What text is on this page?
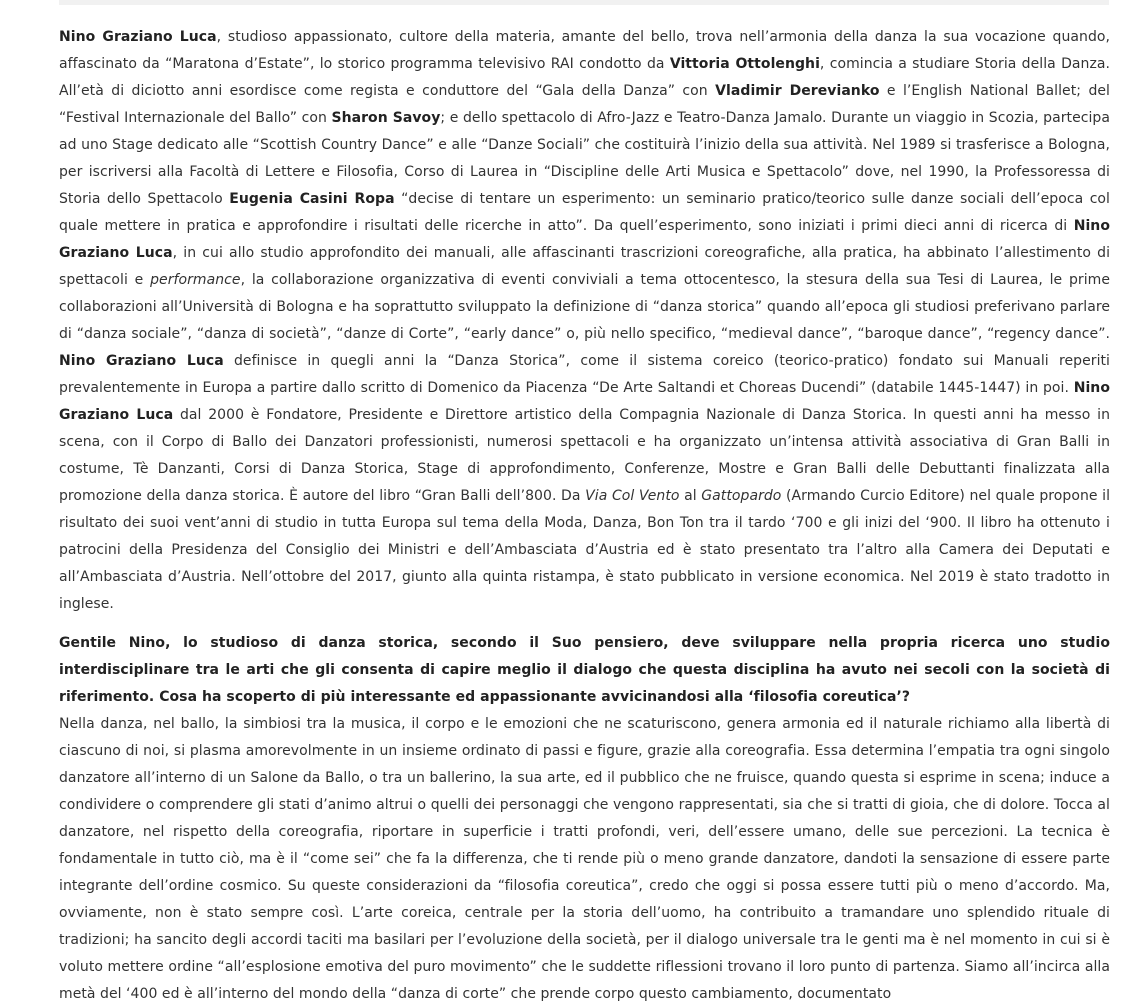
Nino Graziano Luca, studioso appassionato, cultore della materia, amante del bello, trova nell’armonia della danza la sua vocazione quando, affascinato da “Maratona d’Estate”, lo storico programma televisivo RAI condotto da Vittoria Ottolenghi, comincia a studiare Storia della Danza. All’età di diciotto anni esordisce come regista e conduttore del “Gala della Danza” con Vladimir Derevianko e l’English National Ballet; del “Festival Internazionale del Ballo” con Sharon Savoy; e dello spettacolo di Afro-Jazz e Teatro-Danza Jamalo. Durante un viaggio in Scozia, partecipa ad uno Stage dedicato alle “Scottish Country Dance” e alle “Danze Sociali” che costituirà l’inizio della sua attività. Nel 1989 si trasferisce a Bologna, per iscriversi alla Facoltà di Lettere e Filosofia, Corso di Laurea in “Discipline delle Arti Musica e Spettacolo” dove, nel 1990, la Professoressa di Storia dello Spettacolo Eugenia Casini Ropa “decise di tentare un esperimento: un seminario pratico/teorico sulle danze sociali dell’epoca col quale mettere in pratica e approfondire i risultati delle ricerche in atto”. Da quell’esperimento, sono iniziati i primi dieci anni di ricerca di Nino Graziano Luca, in cui allo studio approfondito dei manuali, alle affascinanti trascrizioni coreografiche, alla pratica, ha abbinato l’allestimento di spettacoli e performance, la collaborazione organizzativa di eventi conviviali a tema ottocentesco, la stesura della sua Tesi di Laurea, le prime collaborazioni all’Università di Bologna e ha soprattutto sviluppato la definizione di “danza storica” quando all’epoca gli studiosi preferivano parlare di “danza sociale”, “danza di società”, “danze di Corte”, “early dance” o, più nello specifico, “medieval dance”, “baroque dance”, “regency dance”. Nino Graziano Luca definisce in quegli anni la “Danza Storica”, come il sistema coreico (teorico-pratico) fondato sui Manuali reperiti prevalentemente in Europa a partire dallo scritto di Domenico da Piacenza “De Arte Saltandi et Choreas Ducendi” (databile 1445-1447) in poi. Nino Graziano Luca dal 2000 è Fondatore, Presidente e Direttore artistico della Compagnia Nazionale di Danza Storica. In questi anni ha messo in scena, con il Corpo di Ballo dei Danzatori professionisti, numerosi spettacoli e ha organizzato un’intensa attività associativa di Gran Balli in costume, Tè Danzanti, Corsi di Danza Storica, Stage di approfondimento, Conferenze, Mostre e Gran Balli delle Debuttanti finalizzata alla promozione della danza storica. È autore del libro “Gran Balli dell’800. Da Via Col Vento al Gattopardo (Armando Curcio Editore) nel quale propone il risultato dei suoi vent’anni di studio in tutta Europa sul tema della Moda, Danza, Bon Ton tra il tardo ‘700 e gli inizi del ‘900. Il libro ha ottenuto i patrocini della Presidenza del Consiglio dei Ministri e dell’Ambasciata d’Austria ed è stato presentato tra l’altro alla Camera dei Deputati e all’Ambasciata d’Austria. Nell’ottobre del 2017, giunto alla quinta ristampa, è stato pubblicato in versione economica. Nel 2019 è stato tradotto in inglese.

Gentile Nino, lo studioso di danza storica, secondo il Suo pensiero, deve sviluppare nella propria ricerca uno studio interdisciplinare tra le arti che gli consenta di capire meglio il dialogo che questa disciplina ha avuto nei secoli con la società di riferimento. Cosa ha scoperto di più interessante ed appassionante avvicinandosi alla ‘filosofia coreutica’?

Nella danza, nel ballo, la simbiosi tra la musica, il corpo e le emozioni che ne scaturiscono, genera armonia ed il naturale richiamo alla libertà di ciascuno di noi, si plasma amorevolmente in un insieme ordinato di passi e figure, grazie alla coreografia. Essa determina l’empatia tra ogni singolo danzatore all’interno di un Salone da Ballo, o tra un ballerino, la sua arte, ed il pubblico che ne fruisce, quando questa si esprime in scena; induce a condividere o comprendere gli stati d’animo altrui o quelli dei personaggi che vengono rappresentati, sia che si tratti di gioia, che di dolore. Tocca al danzatore, nel rispetto della coreografia, riportare in superficie i tratti profondi, veri, dell’essere umano, delle sue percezioni. La tecnica è fondamentale in tutto ciò, ma è il “come sei” che fa la differenza, che ti rende più o meno grande danzatore, dandoti la sensazione di essere parte integrante dell’ordine cosmico. Su queste considerazioni da “filosofia coreutica”, credo che oggi si possa essere tutti più o meno d’accordo. Ma, ovviamente, non è stato sempre così. L’arte coreica, centrale per la storia dell’uomo, ha contribuito a tramandare uno splendido rituale di tradizioni; ha sancito degli accordi taciti ma basilari per l’evoluzione della società, per il dialogo universale tra le genti ma è nel momento in cui si è voluto mettere ordine “all’esplosione emotiva del puro movimento” che le suddette riflessioni trovano il loro punto di partenza. Siamo all’incirca alla metà del ‘400 ed è all’interno del mondo della “danza di corte” che prende corpo questo cambiamento, documentato
